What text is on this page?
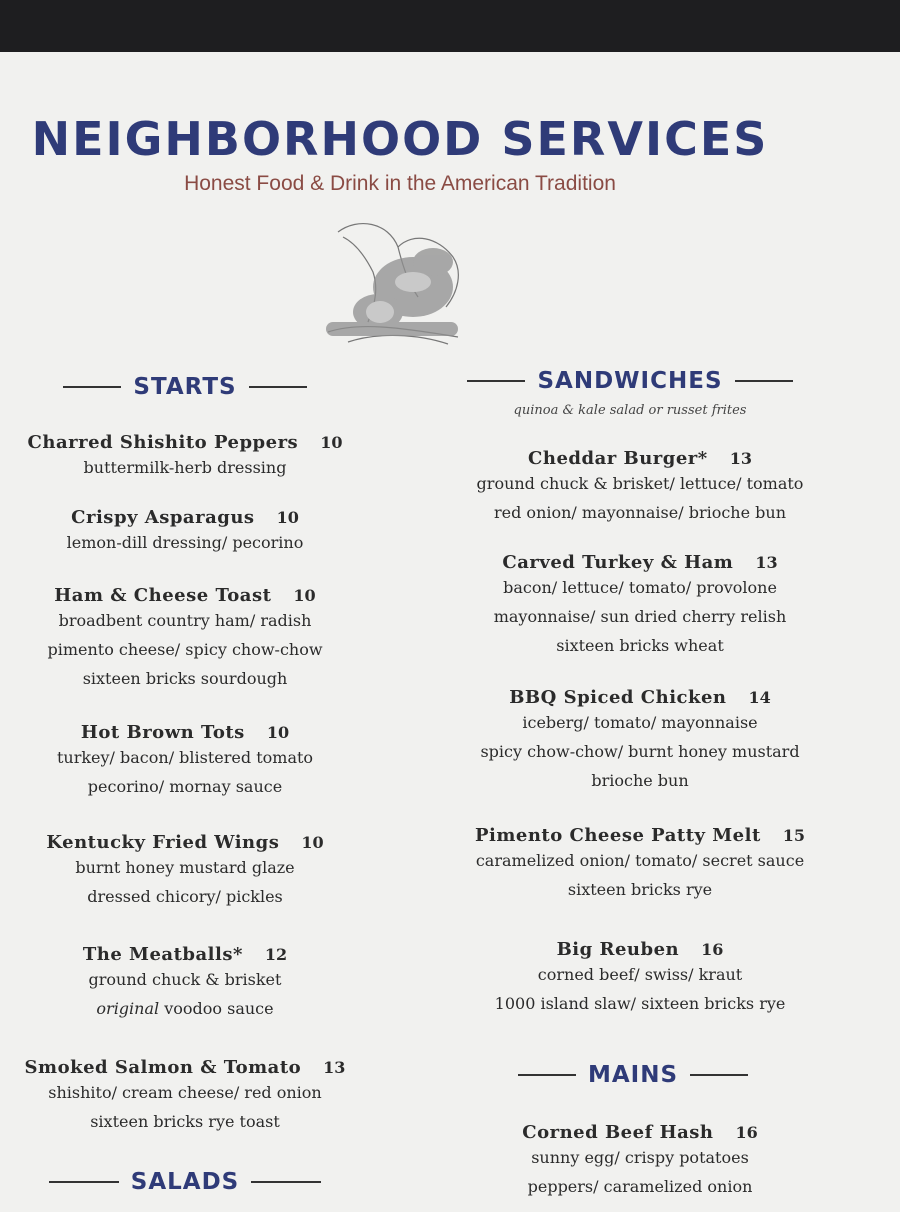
NEIGHBORHOOD SERVICES
Honest Food & Drink in the American Tradition
STARTS
Charred Shishito Peppers 10
buttermilk-herb dressing
Crispy Asparagus 10
lemon-dill dressing/ pecorino
Ham & Cheese Toast 10
broadbent country ham/ radish
pimento cheese/ spicy chow-chow
sixteen bricks sourdough
Hot Brown Tots 10
turkey/ bacon/ blistered tomato
pecorino/ mornay sauce
Kentucky Fried Wings 10
burnt honey mustard glaze
dressed chicory/ pickles
The Meatballs* 12
ground chuck & brisket
original voodoo sauce
Smoked Salmon & Tomato 13
shishito/ cream cheese/ red onion
sixteen bricks rye toast
SALADS
SANDWICHES
quinoa & kale salad or russet frites
Cheddar Burger* 13
ground chuck & brisket/ lettuce/ tomato
red onion/ mayonnaise/ brioche bun
Carved Turkey & Ham 13
bacon/ lettuce/ tomato/ provolone
mayonnaise/ sun dried cherry relish
sixteen bricks wheat
BBQ Spiced Chicken 14
iceberg/ tomato/ mayonnaise
spicy chow-chow/ burnt honey mustard
brioche bun
Pimento Cheese Patty Melt 15
caramelized onion/ tomato/ secret sauce
sixteen bricks rye
Big Reuben 16
corned beef/ swiss/ kraut
1000 island slaw/ sixteen bricks rye
MAINS
Corned Beef Hash 16
sunny egg/ crispy potatoes
peppers/ caramelized onion
